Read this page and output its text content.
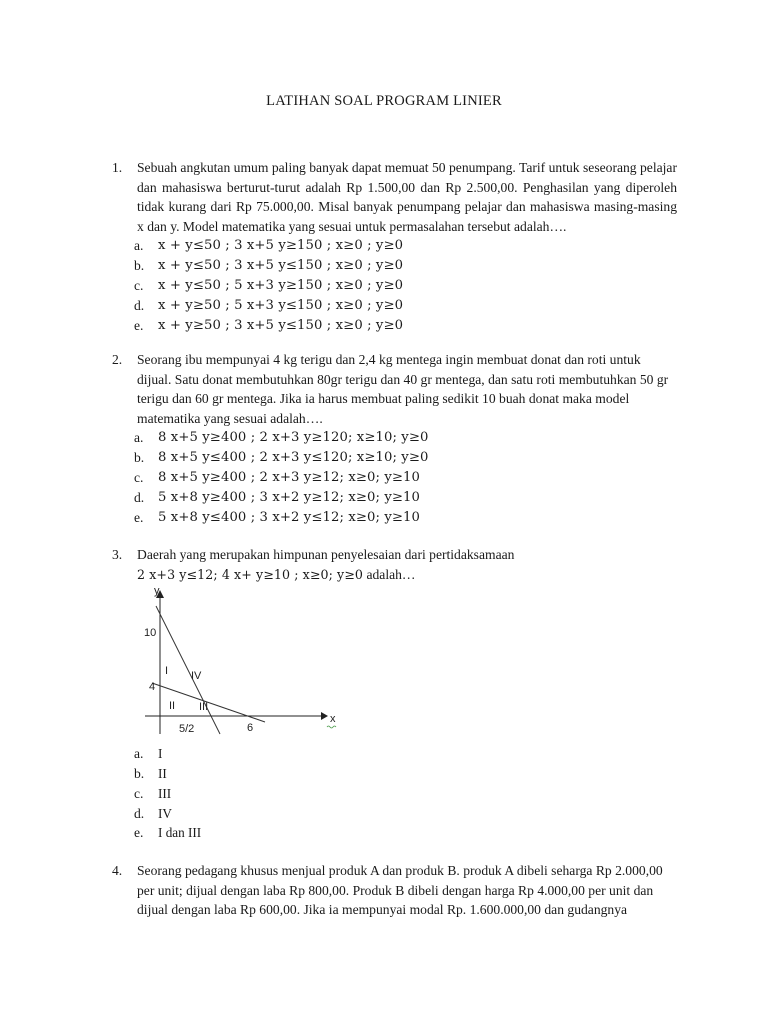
LATIHAN SOAL PROGRAM LINIER
1.	Sebuah angkutan umum paling banyak dapat memuat 50 penumpang. Tarif untuk seseorang pelajar dan mahasiswa berturut-turut adalah Rp 1.500,00 dan Rp 2.500,00. Penghasilan yang diperoleh tidak kurang dari Rp 75.000,00. Misal banyak penumpang pelajar dan mahasiswa masing-masing x dan y. Model matematika yang sesuai untuk permasalahan tersebut adalah….
a. x + y≤50 ; 3 x+5 y≥150 ; x≥0 ; y≥0
b. x + y≤50 ; 3 x+5 y≤150 ; x≥0 ; y≥0
c. x + y≤50 ; 5 x+3 y≥150 ; x≥0 ; y≥0
d. x + y≥50 ; 5 x+3 y≤150 ; x≥0 ; y≥0
e. x + y≥50 ; 3 x+5 y≤150 ; x≥0 ; y≥0
2.	Seorang ibu mempunyai 4 kg terigu dan 2,4 kg mentega ingin membuat donat dan roti untuk dijual. Satu donat membutuhkan 80gr terigu dan 40 gr mentega, dan satu roti membutuhkan 50 gr terigu dan 60 gr mentega. Jika ia harus membuat paling sedikit 10 buah donat maka model matematika yang sesuai adalah….
a. 8 x+5 y≥400 ; 2 x+3 y≥120; x≥10; y≥0
b. 8 x+5 y≤400 ; 2 x+3 y≤120; x≥10; y≥0
c. 8 x+5 y≥400 ; 2 x+3 y≥12; x≥0; y≥10
d. 5 x+8 y≥400 ; 3 x+2 y≥12; x≥0; y≥10
e. 5 x+8 y≤400 ; 3 x+2 y≤12; x≥0; y≥10
3.	Daerah yang merupakan himpunan penyelesaian dari pertidaksamaan
2 x+3 y≤12; 4 x+ y≥10 ; x≥0; y≥0 adalah…
y
x
10
4
5/2	6
I
II III
IV
a. I
b. II
c. III
d. IV
e. I dan III
4.	Seorang pedagang khusus menjual produk A dan produk B. produk A dibeli seharga Rp 2.000,00 per unit; dijual dengan laba Rp 800,00. Produk B dibeli dengan harga Rp 4.000,00 per unit dan dijual dengan laba Rp 600,00. Jika ia mempunyai modal Rp. 1.600.000,00 dan gudangnya
